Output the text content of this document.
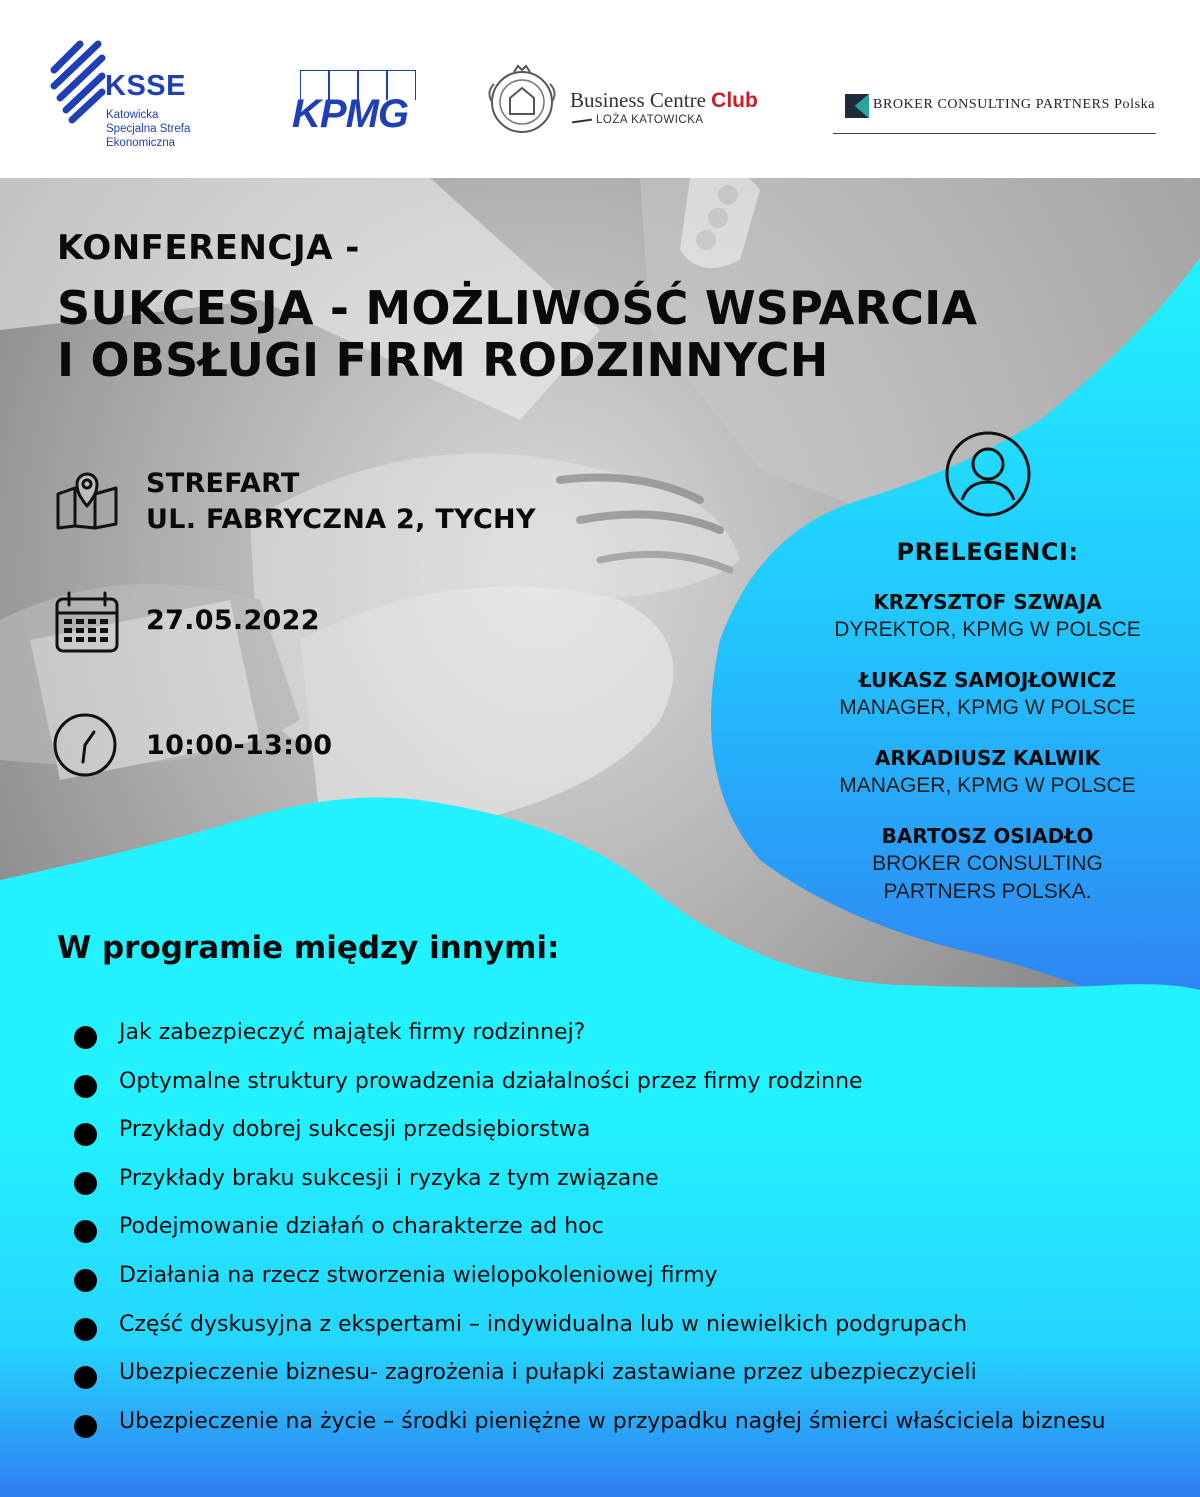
KSSE
Katowicka
Specjalna Strefa
Ekonomiczna
KPMG	Business Centre Club
LOŻA KATOWICKA
BROKER CONSULTING PARTNERS Polska
KONFERENCJA -
SUKCESJA - MOŻLIWOŚĆ WSPARCIA
I OBSŁUGI FIRM RODZINNYCH
STREFART
UL. FABRYCZNA 2, TYCHY
27.05.2022
10:00-13:00
PRELEGENCI:
KRZYSZTOF SZWAJA
DYREKTOR, KPMG W POLSCE
ŁUKASZ SAMOJŁOWICZ
MANAGER, KPMG W POLSCE
ARKADIUSZ KALWIK
MANAGER, KPMG W POLSCE
BARTOSZ OSIADŁO
BROKER CONSULTING
PARTNERS POLSKA.
W programie między innymi:
Jak zabezpieczyć majątek firmy rodzinnej?
Optymalne struktury prowadzenia działalności przez firmy rodzinne
Przykłady dobrej sukcesji przedsiębiorstwa
Przykłady braku sukcesji i ryzyka z tym związane
Podejmowanie działań o charakterze ad hoc
Działania na rzecz stworzenia wielopokoleniowej firmy
Część dyskusyjna z ekspertami – indywidualna lub w niewielkich podgrupach
Ubezpieczenie biznesu- zagrożenia i pułapki zastawiane przez ubezpieczycieli
Ubezpieczenie na życie – środki pieniężne w przypadku nagłej śmierci właściciela biznesu
